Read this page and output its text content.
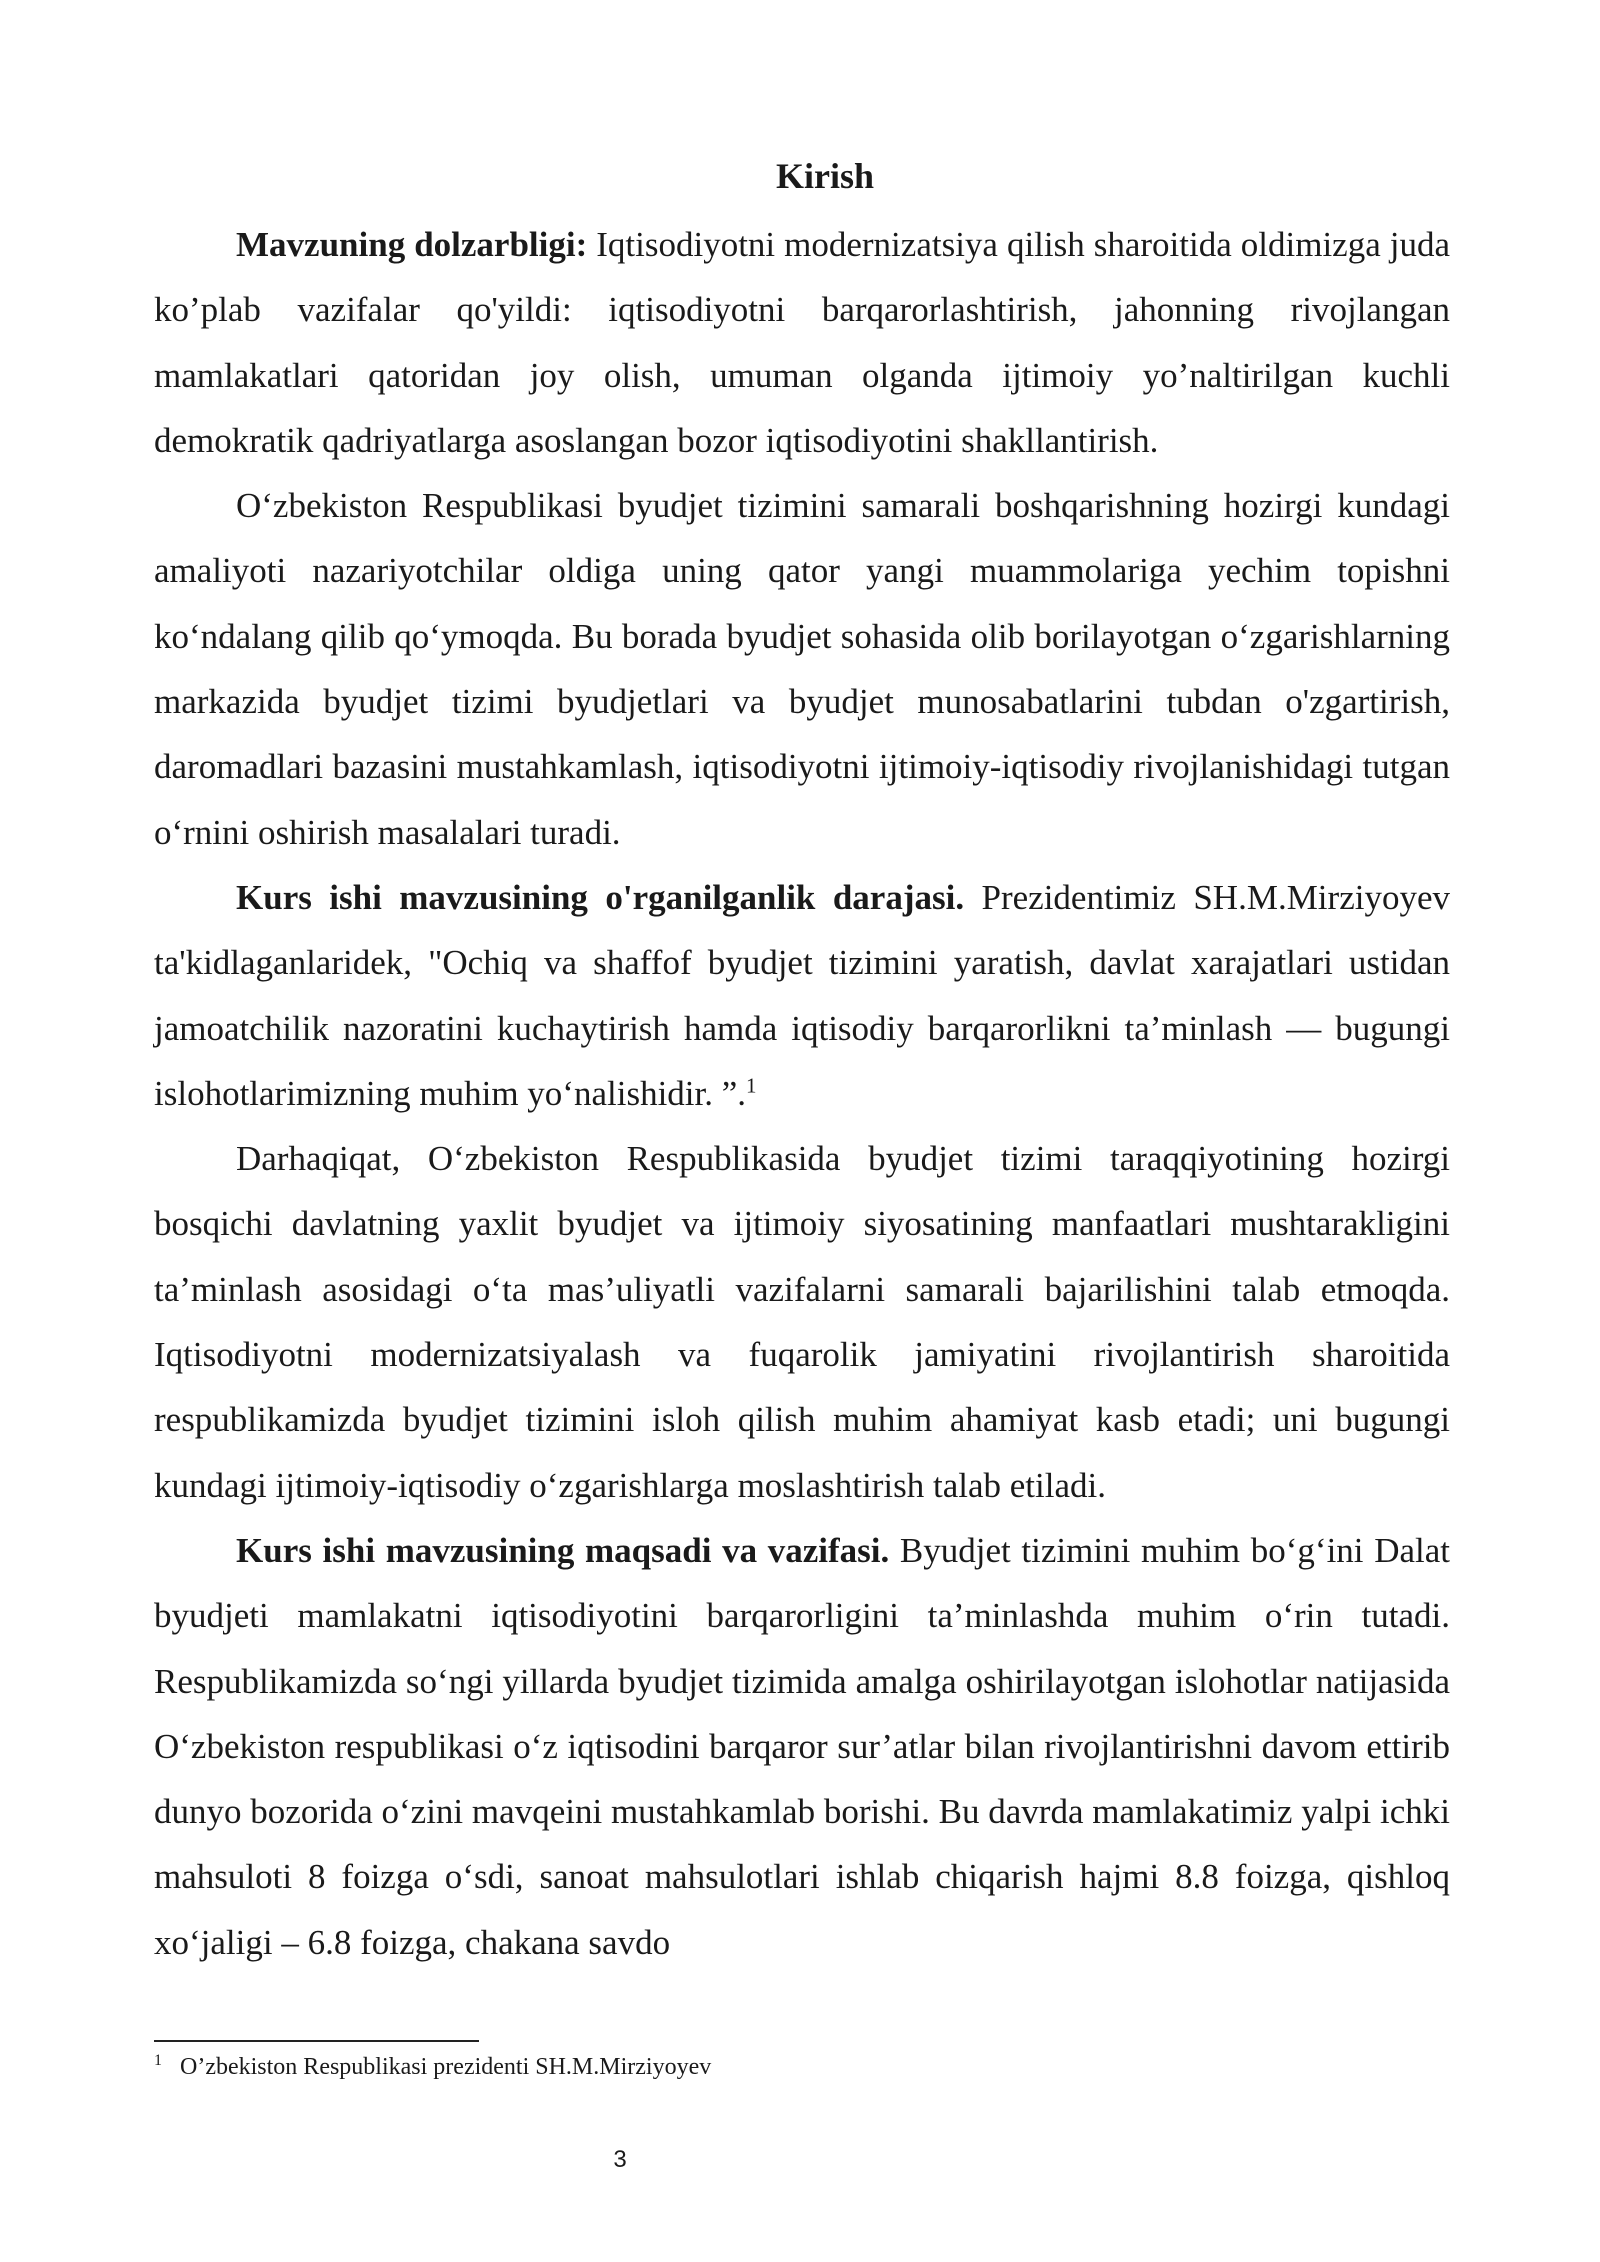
Kirish

Mavzuning dolzarbligi: Iqtisodiyotni modernizatsiya qilish sharoitida oldimizga juda ko’plab vazifalar qo'yildi: iqtisodiyotni barqarorlashtirish, jahonning rivojlangan mamlakatlari qatoridan joy olish, umuman olganda ijtimoiy yo’naltirilgan kuchli demokratik qadriyatlarga asoslangan bozor iqtisodiyotini shakllantirish.

O‘zbekiston Respublikasi byudjet tizimini samarali boshqarishning hozirgi kundagi amaliyoti nazariyotchilar oldiga uning qator yangi muammolariga yechim topishni ko‘ndalang qilib qo‘ymoqda. Bu borada byudjet sohasida olib borilayotgan o‘zgarishlarning markazida byudjet tizimi byudjetlari va byudjet munosabatlarini tubdan o'zgartirish, daromadlari bazasini mustahkamlash, iqtisodiyotni ijtimoiy-iqtisodiy rivojlanishidagi tutgan o‘rnini oshirish masalalari turadi.

Kurs ishi mavzusining o'rganilganlik darajasi. Prezidentimiz SH.M.Mirziyoyev ta'kidlaganlaridek, "Ochiq va shaffof byudjet tizimini yaratish, davlat xarajatlari ustidan jamoatchilik nazoratini kuchaytirish hamda iqtisodiy barqarorlikni ta’minlash — bugungi islohotlarimizning muhim yo‘nalishidir. ”.$^1$

Darhaqiqat, O‘zbekiston Respublikasida byudjet tizimi taraqqiyotining hozirgi bosqichi davlatning yaxlit byudjet va ijtimoiy siyosatining manfaatlari mushtarakligini ta’minlash asosidagi o‘ta mas’uliyatli vazifalarni samarali bajarilishini talab etmoqda. Iqtisodiyotni modernizatsiyalash va fuqarolik jamiyatini rivojlantirish sharoitida respublikamizda byudjet tizimini isloh qilish muhim ahamiyat kasb etadi; uni bugungi kundagi ijtimoiy-iqtisodiy o‘zgarishlarga moslashtirish talab etiladi.

Kurs ishi mavzusining maqsadi va vazifasi. Byudjet tizimini muhim bo‘g‘ini Dalat byudjeti mamlakatni iqtisodiyotini barqarorligini ta’minlashda muhim o‘rin tutadi. Respublikamizda so‘ngi yillarda byudjet tizimida amalga oshirilayotgan islohotlar natijasida O‘zbekiston respublikasi o‘z iqtisodini barqaror sur’atlar bilan rivojlantirishni davom ettirib dunyo bozorida o‘zini mavqeini mustahkamlab borishi. Bu davrda mamlakatimiz yalpi ichki mahsuloti 8 foizga o‘sdi, sanoat mahsulotlari ishlab chiqarish hajmi 8.8 foizga, qishloq xo‘jaligi – 6.8 foizga, chakana savdo

$^1$ O’zbekiston Respublikasi prezidenti SH.M.Mirziyoyev
3
